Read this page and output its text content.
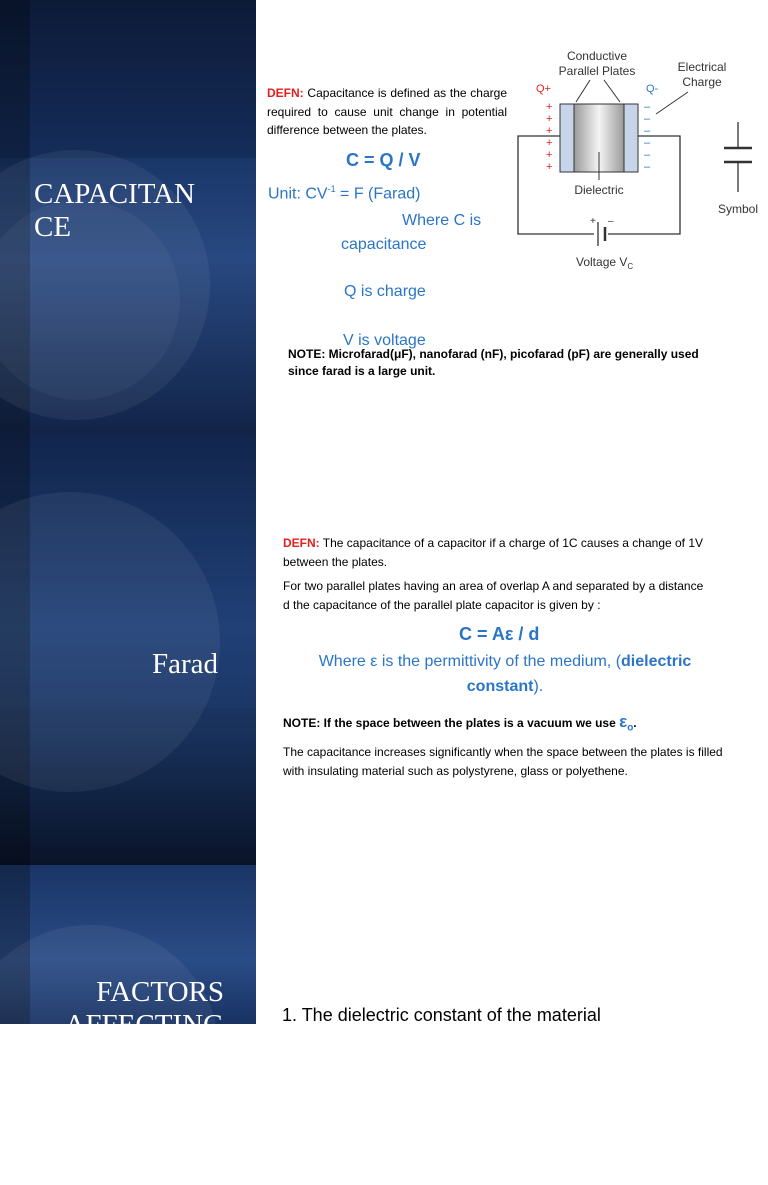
CAPACITAN
CE
DEFN: Capacitance is defined as the charge required to cause unit change in potential difference between the plates.
C = Q / V
Unit: $CV^{-1} = F$ (Farad)
Where C is
capacitance
Q is charge
V is voltage
NOTE: Microfarad(μF), nanofarad (nF), picofarad (pF) are generally used
since farad is a large unit.
Conductive
Parallel Plates	Electrical
Charge
Q+	Q-
+
+
+
+
+
+
–
–
–
–
–
–
Dielectric
+ –
Voltage $V_C$
Symbol
Farad
DEFN: The capacitance of a capacitor if a charge of 1C causes a change of 1V between the plates.
For two parallel plates having an area of overlap A and separated by a distance d the capacitance of the parallel plate capacitor is given by :
C = Aε / d
Where ε is the permittivity of the medium, (dielectric constant).
NOTE: If the space between the plates is a vacuum we use $\varepsilon_o$.
The capacitance increases significantly when the space between the plates is filled with insulating material such as polystyrene, glass or polyethene.
FACTORS
AFFECTING	1. The dielectric constant of the material
